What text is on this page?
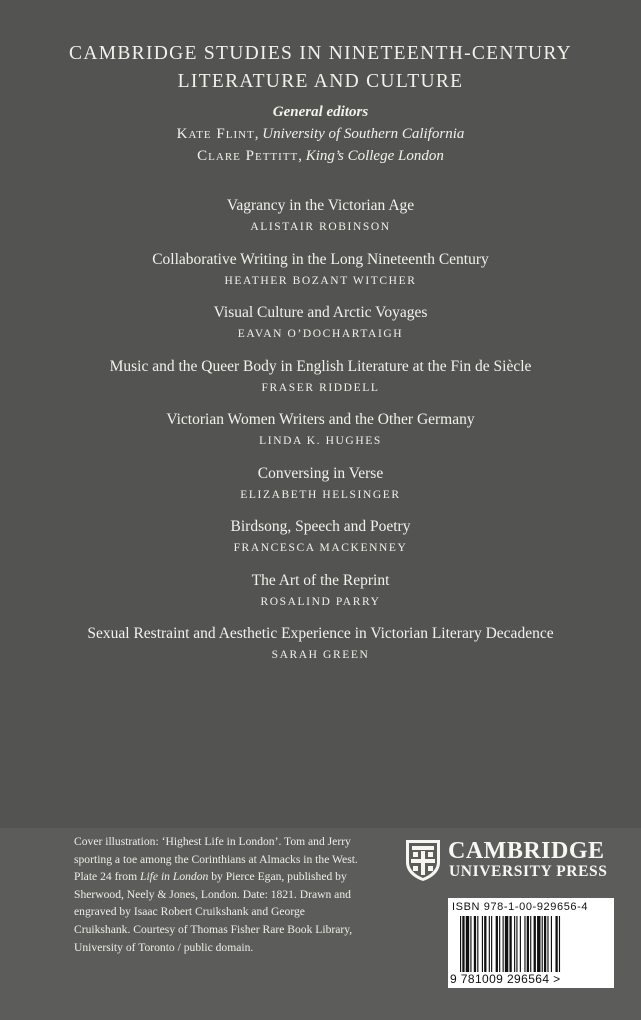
CAMBRIDGE STUDIES IN NINETEENTH-CENTURY
LITERATURE AND CULTURE
General editors
Kate Flint, University of Southern California
Clare Pettitt, King’s College London
Vagrancy in the Victorian Age
ALISTAIR ROBINSON
Collaborative Writing in the Long Nineteenth Century
HEATHER BOZANT WITCHER
Visual Culture and Arctic Voyages
EAVAN O’DOCHARTAIGH
Music and the Queer Body in English Literature at the Fin de Siècle
FRASER RIDDELL
Victorian Women Writers and the Other Germany
LINDA K. HUGHES
Conversing in Verse
ELIZABETH HELSINGER
Birdsong, Speech and Poetry
FRANCESCA MACKENNEY
The Art of the Reprint
ROSALIND PARRY
Sexual Restraint and Aesthetic Experience in Victorian Literary Decadence
SARAH GREEN
Cover illustration: ‘Highest Life in London’. Tom and Jerry sporting a toe among the Corinthians at Almacks in the West. Plate 24 from Life in London by Pierce Egan, published by Sherwood, Neely & Jones, London. Date: 1821. Drawn and engraved by Isaac Robert Cruikshank and George Cruikshank. Courtesy of Thomas Fisher Rare Book Library, University of Toronto / public domain.
CAMBRIDGE
UNIVERSITY PRESS
ISBN 978-1-00-929656-4
9 781009 296564 >
